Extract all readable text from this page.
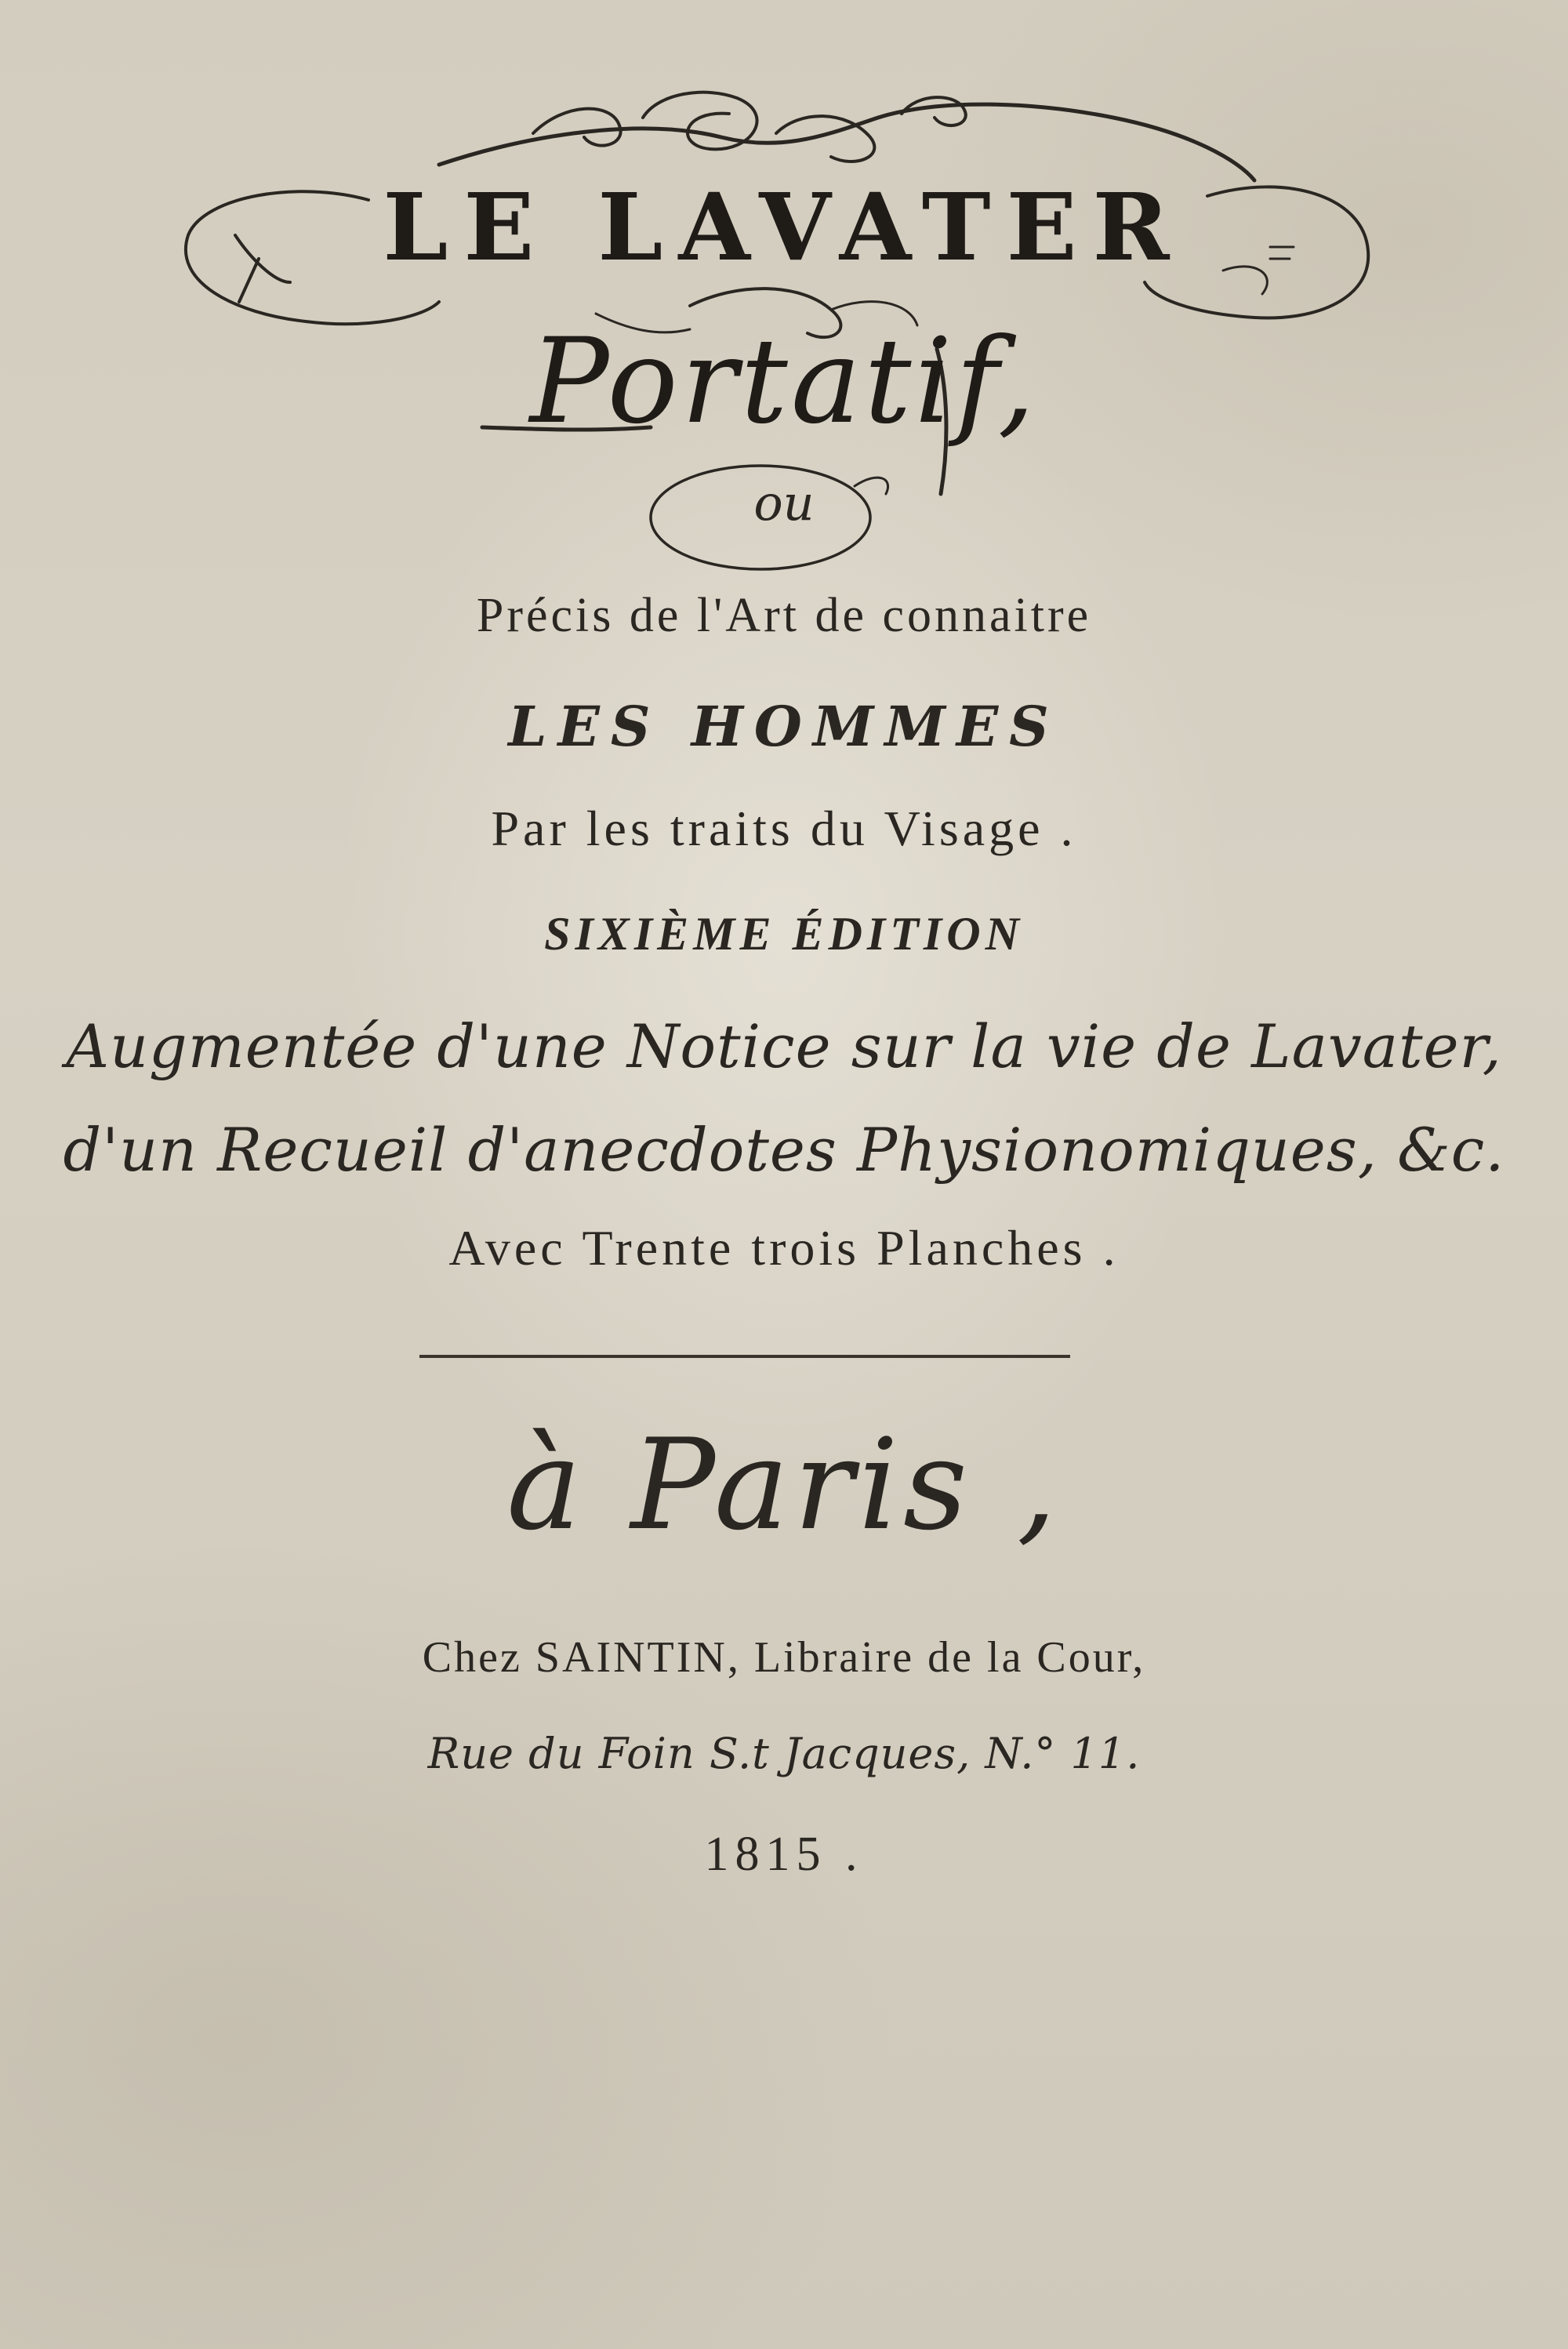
LE LAVATER
Portatif,
ou
Précis de l'Art de connaitre
LES HOMMES
Par les traits du Visage .
SIXIÈME ÉDITION
Augmentée d'une Notice sur la vie de Lavater,
d'un Recueil d'anecdotes Physionomiques, &c.
Avec Trente trois Planches .
à Paris ,
Chez SAINTIN, Libraire de la Cour,
Rue du Foin S.t Jacques, N.° 11.
1815 .
